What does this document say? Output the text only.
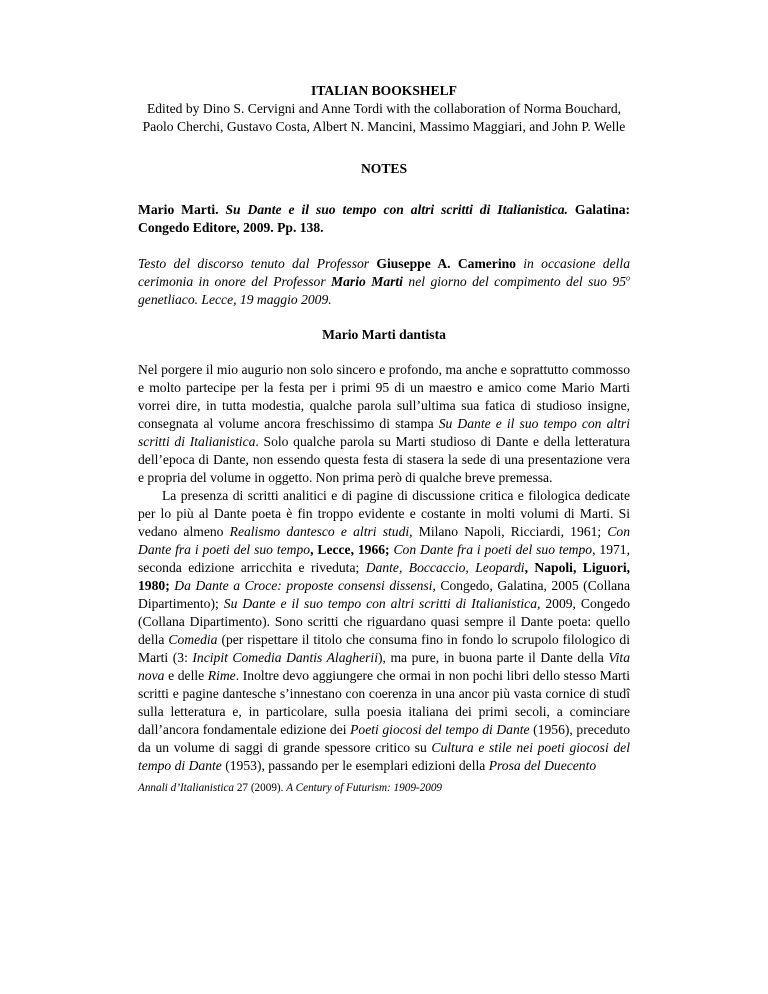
ITALIAN BOOKSHELF
Edited by Dino S. Cervigni and Anne Tordi with the collaboration of Norma Bouchard, Paolo Cherchi, Gustavo Costa, Albert N. Mancini, Massimo Maggiari, and John P. Welle
NOTES
Mario Marti. Su Dante e il suo tempo con altri scritti di Italianistica. Galatina: Congedo Editore, 2009. Pp. 138.
Testo del discorso tenuto dal Professor Giuseppe A. Camerino in occasione della cerimonia in onore del Professor Mario Marti nel giorno del compimento del suo 95$^o$ genetliaco. Lecce, 19 maggio 2009.
Mario Marti dantista

Nel porgere il mio augurio non solo sincero e profondo, ma anche e soprattutto commosso e molto partecipe per la festa per i primi 95 di un maestro e amico come Mario Marti vorrei dire, in tutta modestia, qualche parola sull’ultima sua fatica di studioso insigne, consegnata al volume ancora freschissimo di stampa Su Dante e il suo tempo con altri scritti di Italianistica. Solo qualche parola su Marti studioso di Dante e della letteratura dell’epoca di Dante, non essendo questa festa di stasera la sede di una presentazione vera e propria del volume in oggetto. Non prima però di qualche breve premessa.

La presenza di scritti analitici e di pagine di discussione critica e filologica dedicate per lo più al Dante poeta è fin troppo evidente e costante in molti volumi di Marti. Si vedano almeno Realismo dantesco e altri studi, Milano Napoli, Ricciardi, 1961; Con Dante fra i poeti del suo tempo, Lecce, 1966; Con Dante fra i poeti del suo tempo, 1971, seconda edizione arricchita e riveduta; Dante, Boccaccio, Leopardi, Napoli, Liguori, 1980; Da Dante a Croce: proposte consensi dissensi, Congedo, Galatina, 2005 (Collana Dipartimento); Su Dante e il suo tempo con altri scritti di Italianistica, 2009, Congedo (Collana Dipartimento). Sono scritti che riguardano quasi sempre il Dante poeta: quello della Comedia (per rispettare il titolo che consuma fino in fondo lo scrupolo filologico di Marti (3: Incipit Comedia Dantis Alagherii), ma pure, in buona parte il Dante della Vita nova e delle Rime. Inoltre devo aggiungere che ormai in non pochi libri dello stesso Marti scritti e pagine dantesche s’innestano con coerenza in una ancor più vasta cornice di studî sulla letteratura e, in particolare, sulla poesia italiana dei primi secoli, a cominciare dall’ancora fondamentale edizione dei Poeti giocosi del tempo di Dante (1956), preceduto da un volume di saggi di grande spessore critico su Cultura e stile nei poeti giocosi del tempo di Dante (1953), passando per le esemplari edizioni della Prosa del Duecento

Annali d’Italianistica 27 (2009). A Century of Futurism: 1909-2009
